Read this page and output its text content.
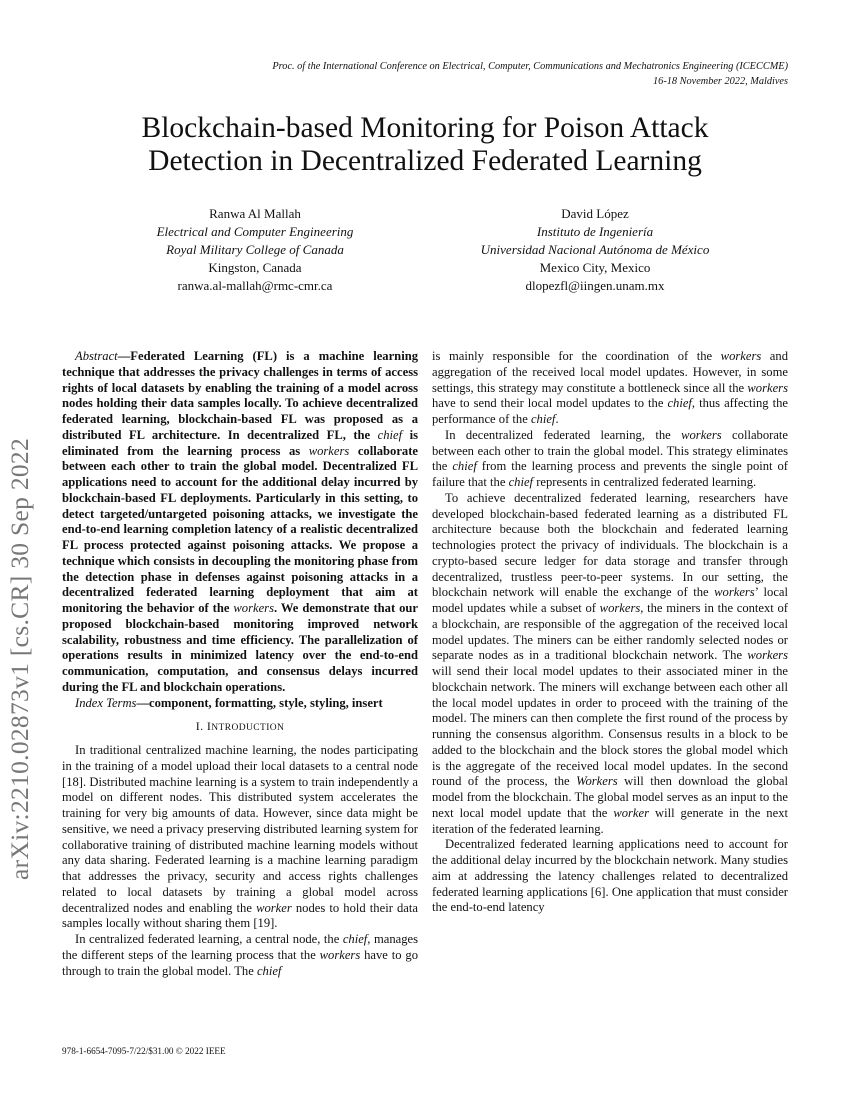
Proc. of the International Conference on Electrical, Computer, Communications and Mechatronics Engineering (ICECCME)
16-18 November 2022, Maldives
Blockchain-based Monitoring for Poison Attack
Detection in Decentralized Federated Learning
Ranwa Al Mallah
Electrical and Computer Engineering
Royal Military College of Canada
Kingston, Canada
ranwa.al-mallah@rmc-cmr.ca
David López
Instituto de Ingeniería
Universidad Nacional Autónoma de México
Mexico City, Mexico
dlopezfl@iingen.unam.mx
arXiv:2210.02873v1 [cs.CR] 30 Sep 2022

Abstract—Federated Learning (FL) is a machine learning technique that addresses the privacy challenges in terms of access rights of local datasets by enabling the training of a model across nodes holding their data samples locally. To achieve decentralized federated learning, blockchain-based FL was proposed as a distributed FL architecture. In decentralized FL, the chief is eliminated from the learning process as workers collaborate between each other to train the global model. Decentralized FL applications need to account for the additional delay incurred by blockchain-based FL deployments. Particularly in this setting, to detect targeted/untargeted poisoning attacks, we investigate the end-to-end learning completion latency of a realistic decentralized FL process protected against poisoning attacks. We propose a technique which consists in decoupling the monitoring phase from the detection phase in defenses against poisoning attacks in a decentralized federated learning deployment that aim at monitoring the behavior of the workers. We demonstrate that our proposed blockchain-based monitoring improved network scalability, robustness and time efficiency. The parallelization of operations results in minimized latency over the end-to-end communication, computation, and consensus delays incurred during the FL and blockchain operations.

Index Terms—component, formatting, style, styling, insert

I. INTRODUCTION

In traditional centralized machine learning, the nodes participating in the training of a model upload their local datasets to a central node [18]. Distributed machine learning is a system to train independently a model on different nodes. This distributed system accelerates the training for very big amounts of data. However, since data might be sensitive, we need a privacy preserving distributed learning system for collaborative training of distributed machine learning models without any data sharing. Federated learning is a machine learning paradigm that addresses the privacy, security and access rights challenges related to local datasets by training a global model across decentralized nodes and enabling the worker nodes to hold their data samples locally without sharing them [19].

In centralized federated learning, a central node, the chief, manages the different steps of the learning process that the workers have to go through to train the global model. The chief

is mainly responsible for the coordination of the workers and aggregation of the received local model updates. However, in some settings, this strategy may constitute a bottleneck since all the workers have to send their local model updates to the chief, thus affecting the performance of the chief.

In decentralized federated learning, the workers collaborate between each other to train the global model. This strategy eliminates the chief from the learning process and prevents the single point of failure that the chief represents in centralized federated learning.

To achieve decentralized federated learning, researchers have developed blockchain-based federated learning as a distributed FL architecture because both the blockchain and federated learning technologies protect the privacy of individuals. The blockchain is a crypto-based secure ledger for data storage and transfer through decentralized, trustless peer-to-peer systems. In our setting, the blockchain network will enable the exchange of the workers’ local model updates while a subset of workers, the miners in the context of a blockchain, are responsible of the aggregation of the received local model updates. The miners can be either randomly selected nodes or separate nodes as in a traditional blockchain network. The workers will send their local model updates to their associated miner in the blockchain network. The miners will exchange between each other all the local model updates in order to proceed with the training of the model. The miners can then complete the first round of the process by running the consensus algorithm. Consensus results in a block to be added to the blockchain and the block stores the global model which is the aggregate of the received local model updates. In the second round of the process, the Workers will then download the global model from the blockchain. The global model serves as an input to the next local model update that the worker will generate in the next iteration of the federated learning.

Decentralized federated learning applications need to account for the additional delay incurred by the blockchain network. Many studies aim at addressing the latency challenges related to decentralized federated learning applications [6]. One application that must consider the end-to-end latency

978-1-6654-7095-7/22/$31.00 © 2022 IEEE
